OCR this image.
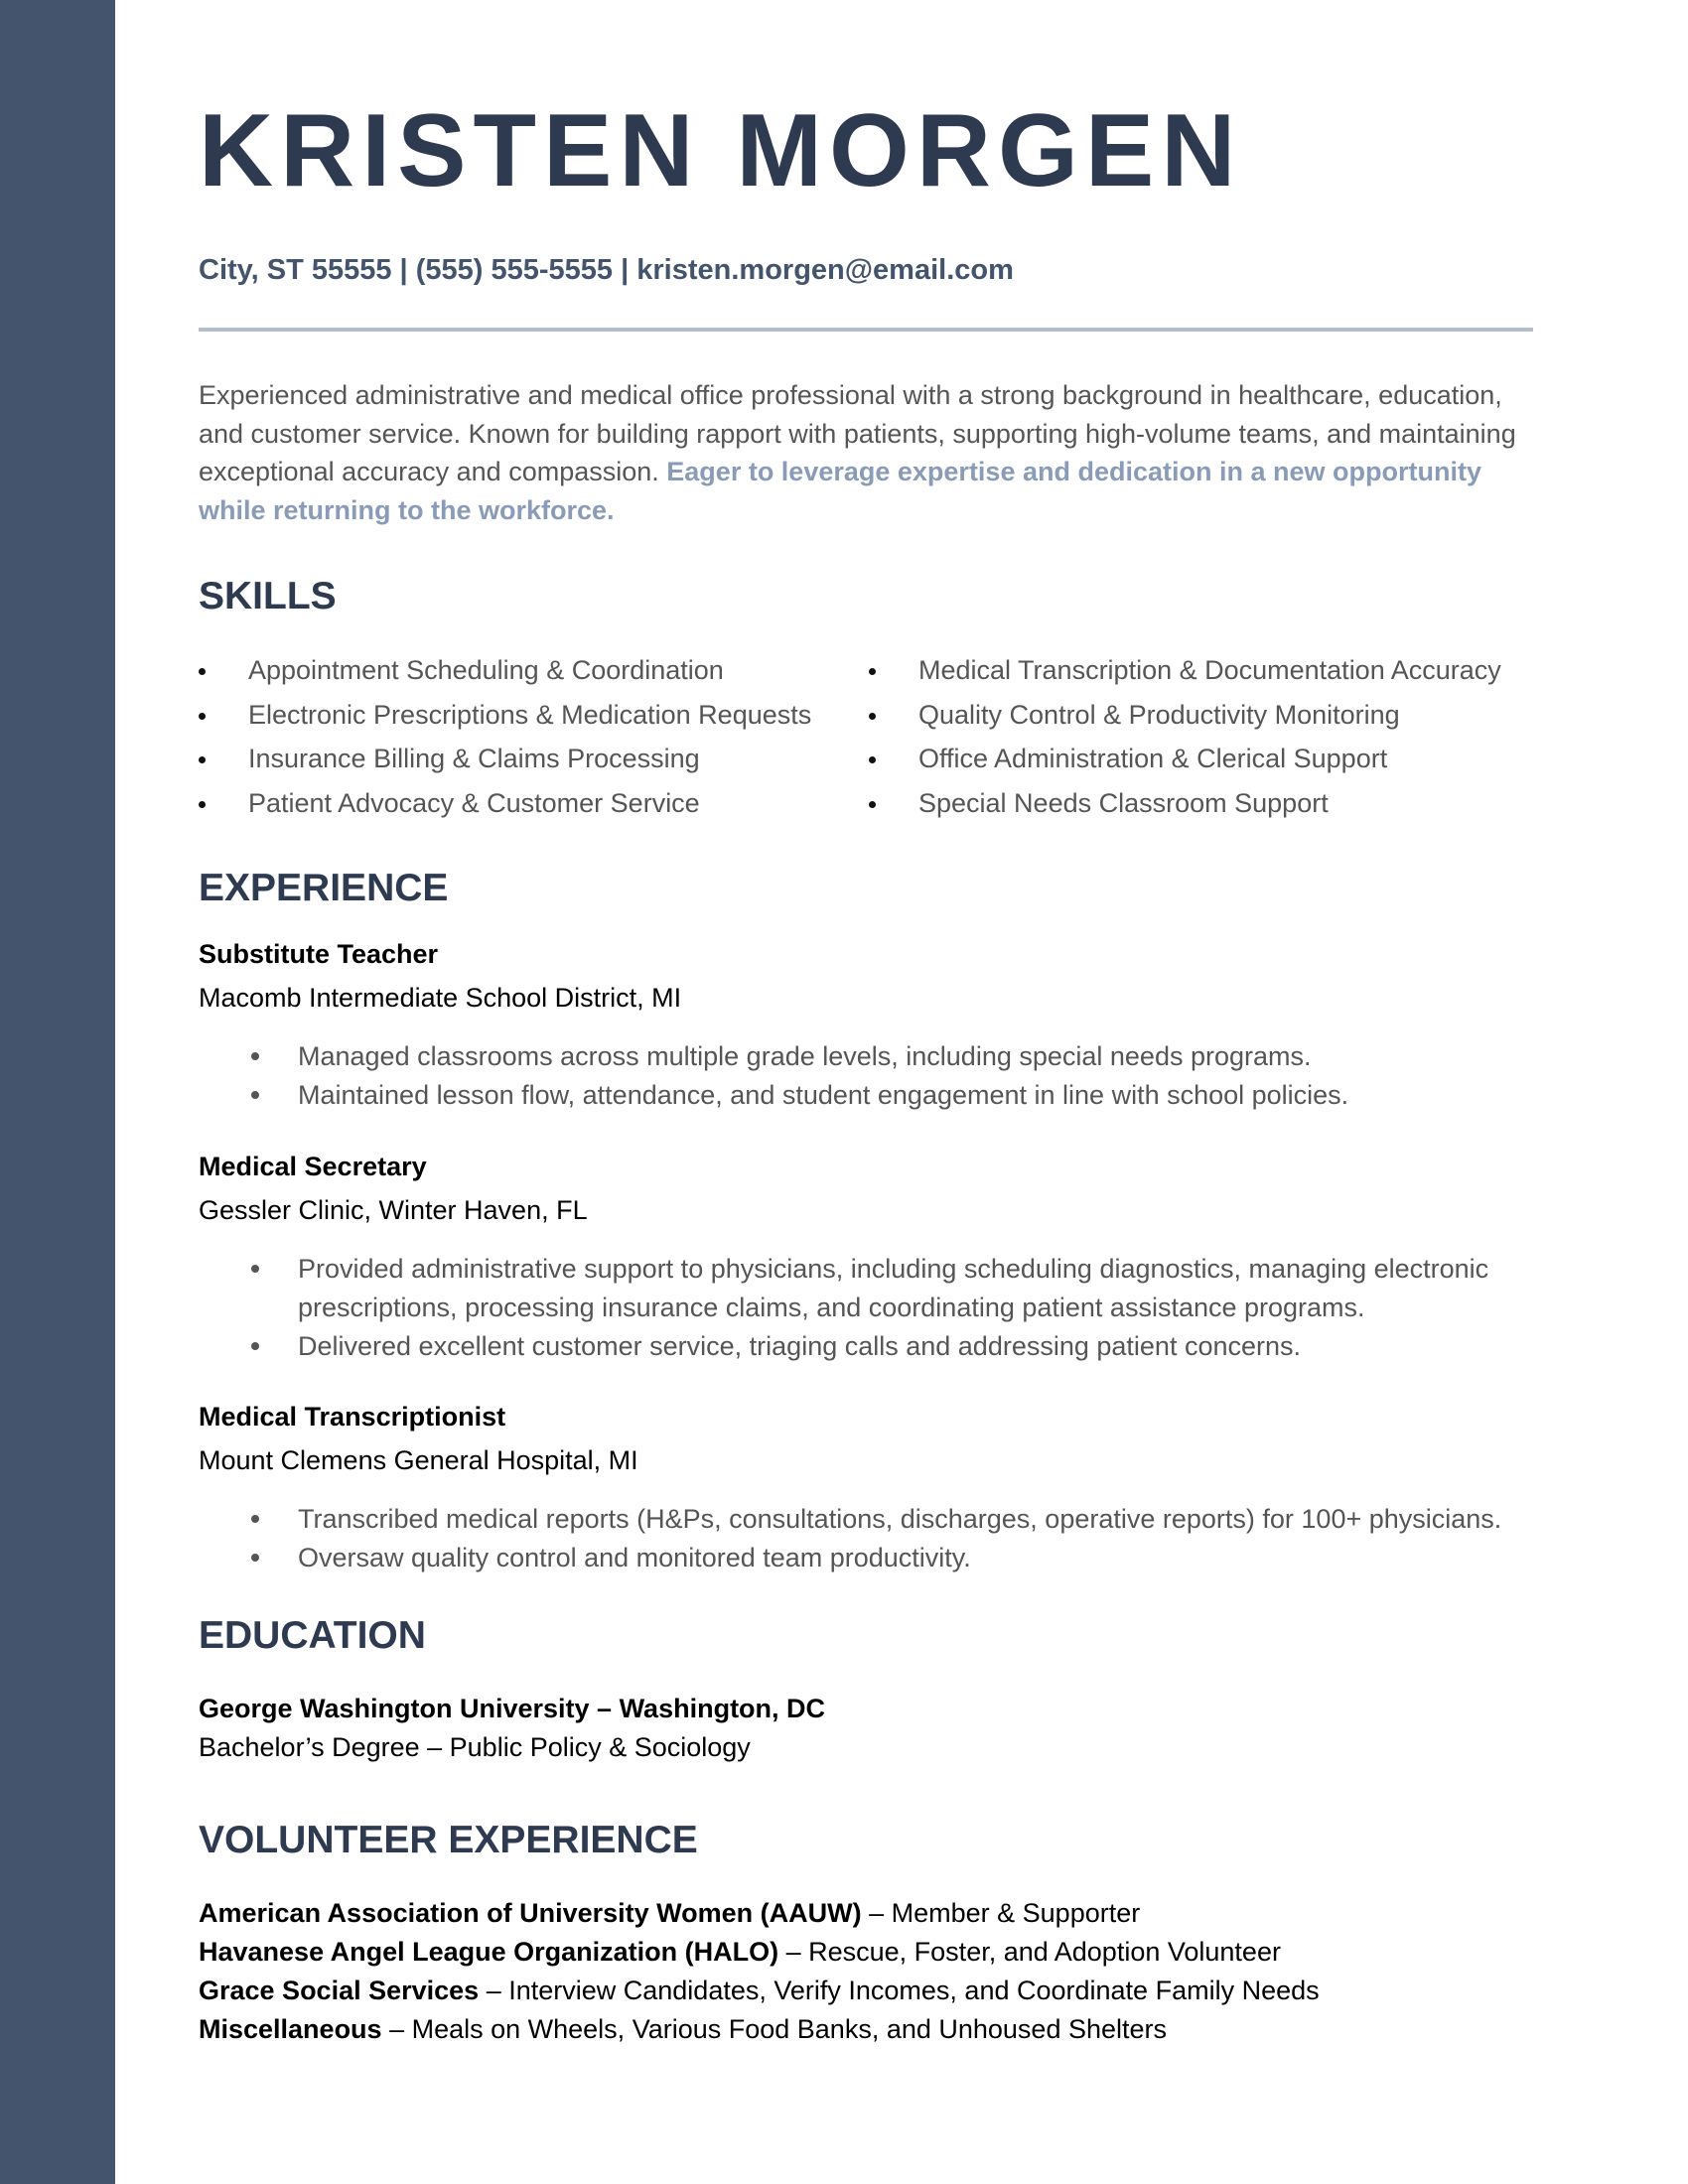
KRISTEN MORGEN
City, ST 55555 | (555) 555-5555 | kristen.morgen@email.com
Experienced administrative and medical office professional with a strong background in healthcare, education, and customer service. Known for building rapport with patients, supporting high-volume teams, and maintaining exceptional accuracy and compassion. Eager to leverage expertise and dedication in a new opportunity while returning to the workforce.
SKILLS
Appointment Scheduling & Coordination
Electronic Prescriptions & Medication Requests
Insurance Billing & Claims Processing
Patient Advocacy & Customer Service
Medical Transcription & Documentation Accuracy
Quality Control & Productivity Monitoring
Office Administration & Clerical Support
Special Needs Classroom Support
EXPERIENCE
Substitute Teacher
Macomb Intermediate School District, MI
Managed classrooms across multiple grade levels, including special needs programs.
Maintained lesson flow, attendance, and student engagement in line with school policies.
Medical Secretary
Gessler Clinic, Winter Haven, FL
Provided administrative support to physicians, including scheduling diagnostics, managing electronic prescriptions, processing insurance claims, and coordinating patient assistance programs.
Delivered excellent customer service, triaging calls and addressing patient concerns.
Medical Transcriptionist
Mount Clemens General Hospital, MI
Transcribed medical reports (H&Ps, consultations, discharges, operative reports) for 100+ physicians.
Oversaw quality control and monitored team productivity.
EDUCATION
George Washington University – Washington, DC
Bachelor’s Degree – Public Policy & Sociology
VOLUNTEER EXPERIENCE
American Association of University Women (AAUW) – Member & Supporter
Havanese Angel League Organization (HALO) – Rescue, Foster, and Adoption Volunteer
Grace Social Services – Interview Candidates, Verify Incomes, and Coordinate Family Needs
Miscellaneous – Meals on Wheels, Various Food Banks, and Unhoused Shelters
